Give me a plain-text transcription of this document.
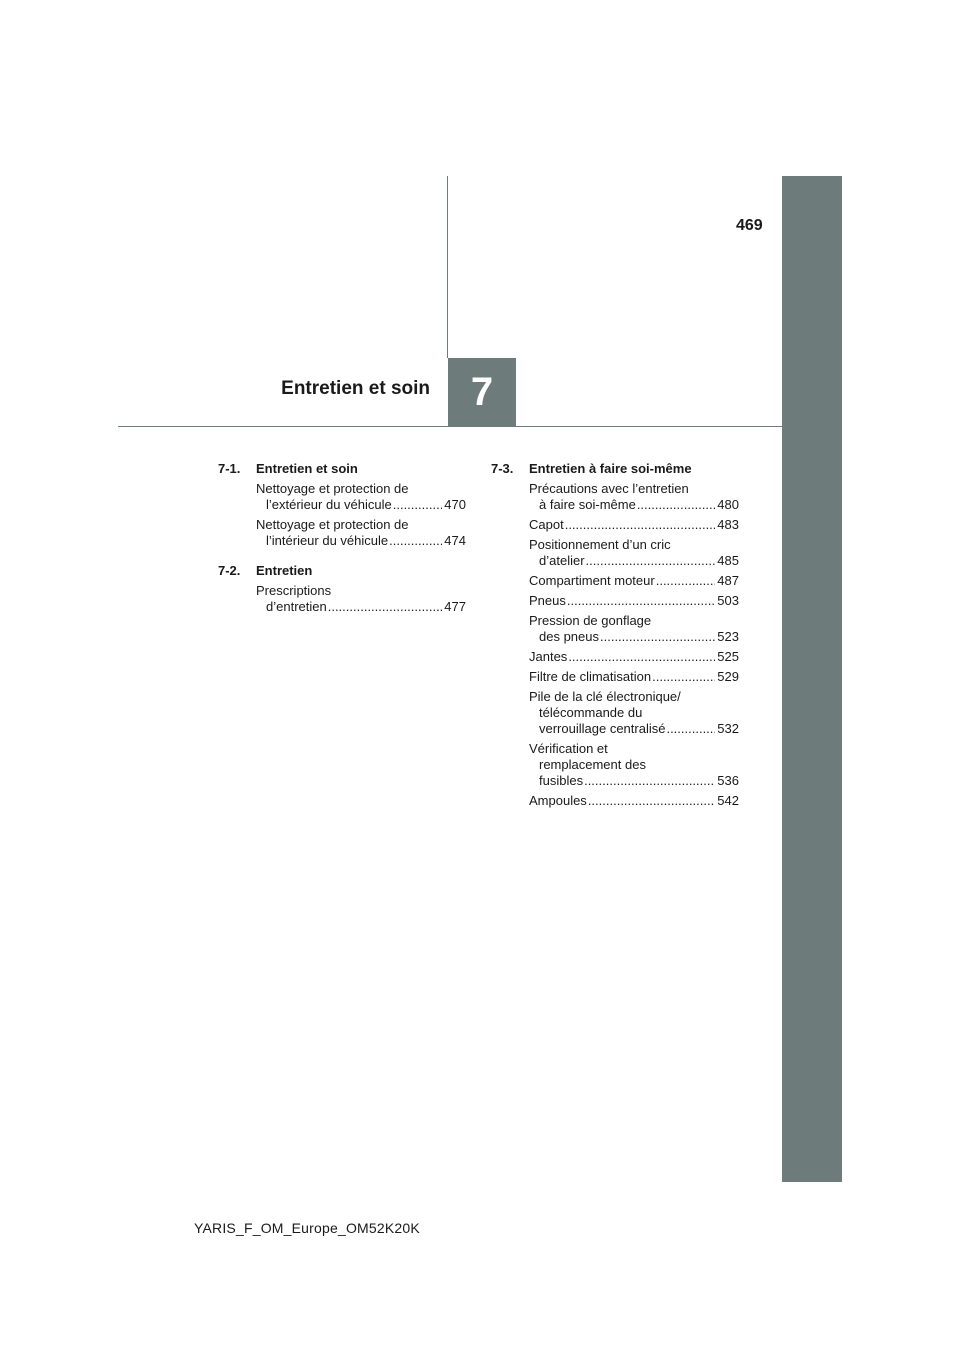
469
Entretien et soin 7
7-1.	Entretien et soin
Nettoyage et protection de
l’extérieur du véhicule .....	470
Nettoyage et protection de
l’intérieur du véhicule .....	474
7-2.	Entretien
Prescriptions
d’entretien .....	477
7-3.	Entretien à faire soi-même
Précautions avec l’entretien
à faire soi-même .....	480
Capot .....	483
Positionnement d’un cric
d’atelier .....	485
Compartiment moteur .....	487
Pneus .....	503
Pression de gonflage
des pneus .....	523
Jantes .....	525
Filtre de climatisation .....	529
Pile de la clé électronique/
télécommande du
verrouillage centralisé .....	532
Vérification et
remplacement des
fusibles .....	536
Ampoules .....	542
YARIS_F_OM_Europe_OM52K20K
